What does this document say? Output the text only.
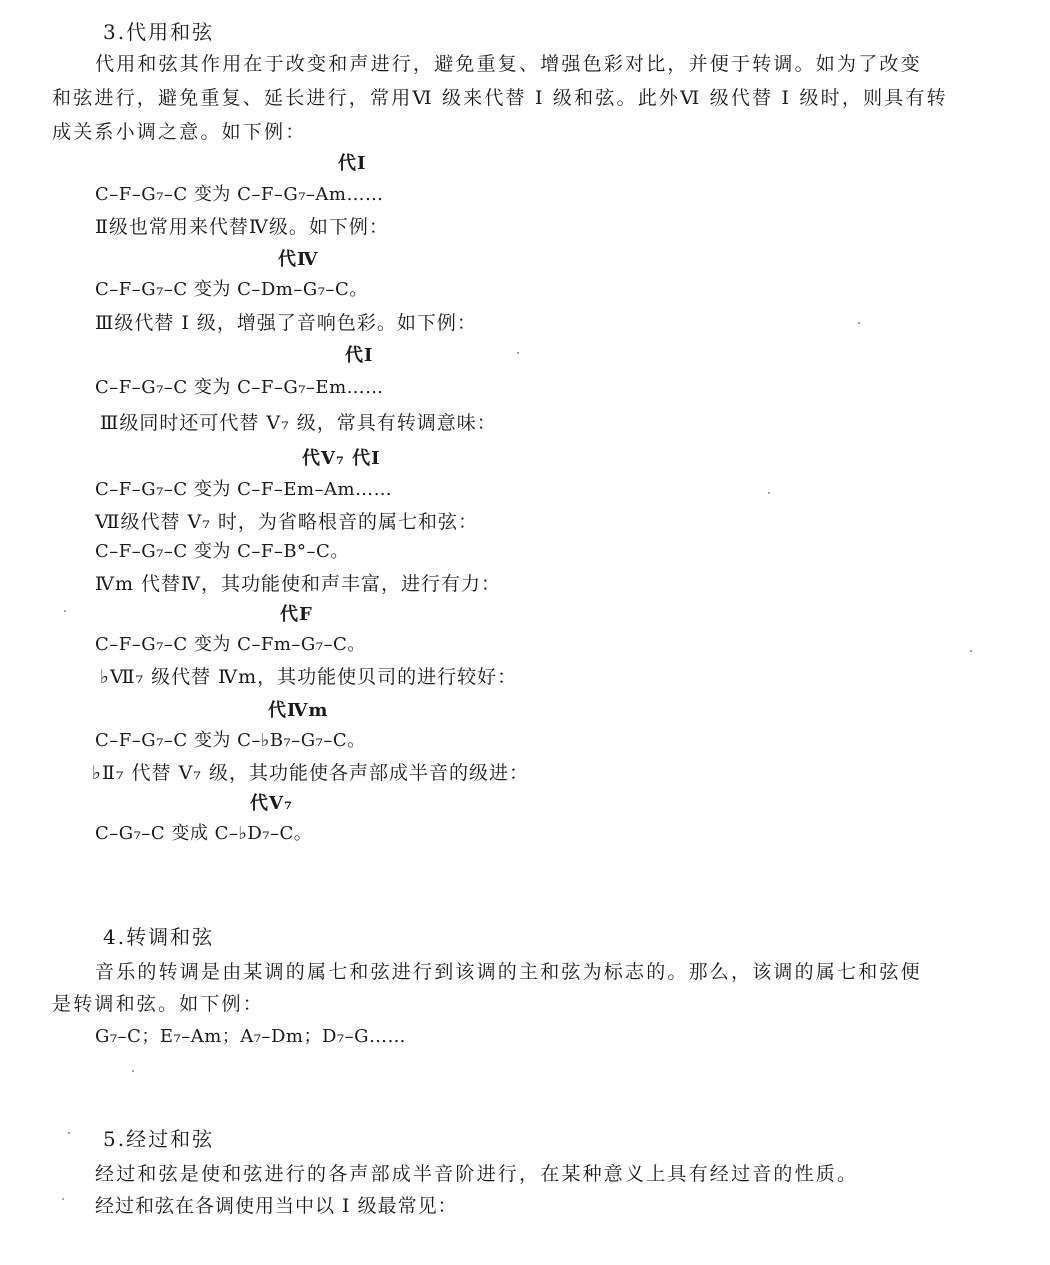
3.代用和弦
代用和弦其作用在于改变和声进行，避免重复、增强色彩对比，并便于转调。如为了改变
和弦进行，避免重复、延长进行，常用Ⅵ 级来代替 Ⅰ 级和弦。此外Ⅵ 级代替 Ⅰ 级时，则具有转
成关系小调之意。如下例：
代Ⅰ
C–F–G₇–C 变为 C–F–G₇–Am……
Ⅱ级也常用来代替Ⅳ级。如下例：
代Ⅳ
C–F–G₇–C 变为 C–Dm–G₇–C。
Ⅲ级代替 Ⅰ 级，增强了音响色彩。如下例：
代Ⅰ
C–F–G₇–C 变为 C–F–G₇–Em……
Ⅲ级同时还可代替 V₇ 级，常具有转调意味：
代V₇ 代Ⅰ
C–F–G₇–C 变为 C–F–Em–Am……
Ⅶ级代替 V₇ 时，为省略根音的属七和弦：
C–F–G₇–C 变为 C–F–B°–C。
Ⅳm 代替Ⅳ，其功能使和声丰富，进行有力：
代F
C–F–G₇–C 变为 C–Fm–G₇–C。
♭Ⅶ₇ 级代替 Ⅳm，其功能使贝司的进行较好：
代Ⅳm
C–F–G₇–C 变为 C–♭B₇–G₇–C。
♭Ⅱ₇ 代替 V₇ 级，其功能使各声部成半音的级进：
代V₇
C–G₇–C 变成 C–♭D₇–C。
4.转调和弦
音乐的转调是由某调的属七和弦进行到该调的主和弦为标志的。那么，该调的属七和弦便
是转调和弦。如下例：
G₇–C；E₇–Am；A₇–Dm；D₇–G……
5.经过和弦
经过和弦是使和弦进行的各声部成半音阶进行，在某种意义上具有经过音的性质。
经过和弦在各调使用当中以 Ⅰ 级最常见：
